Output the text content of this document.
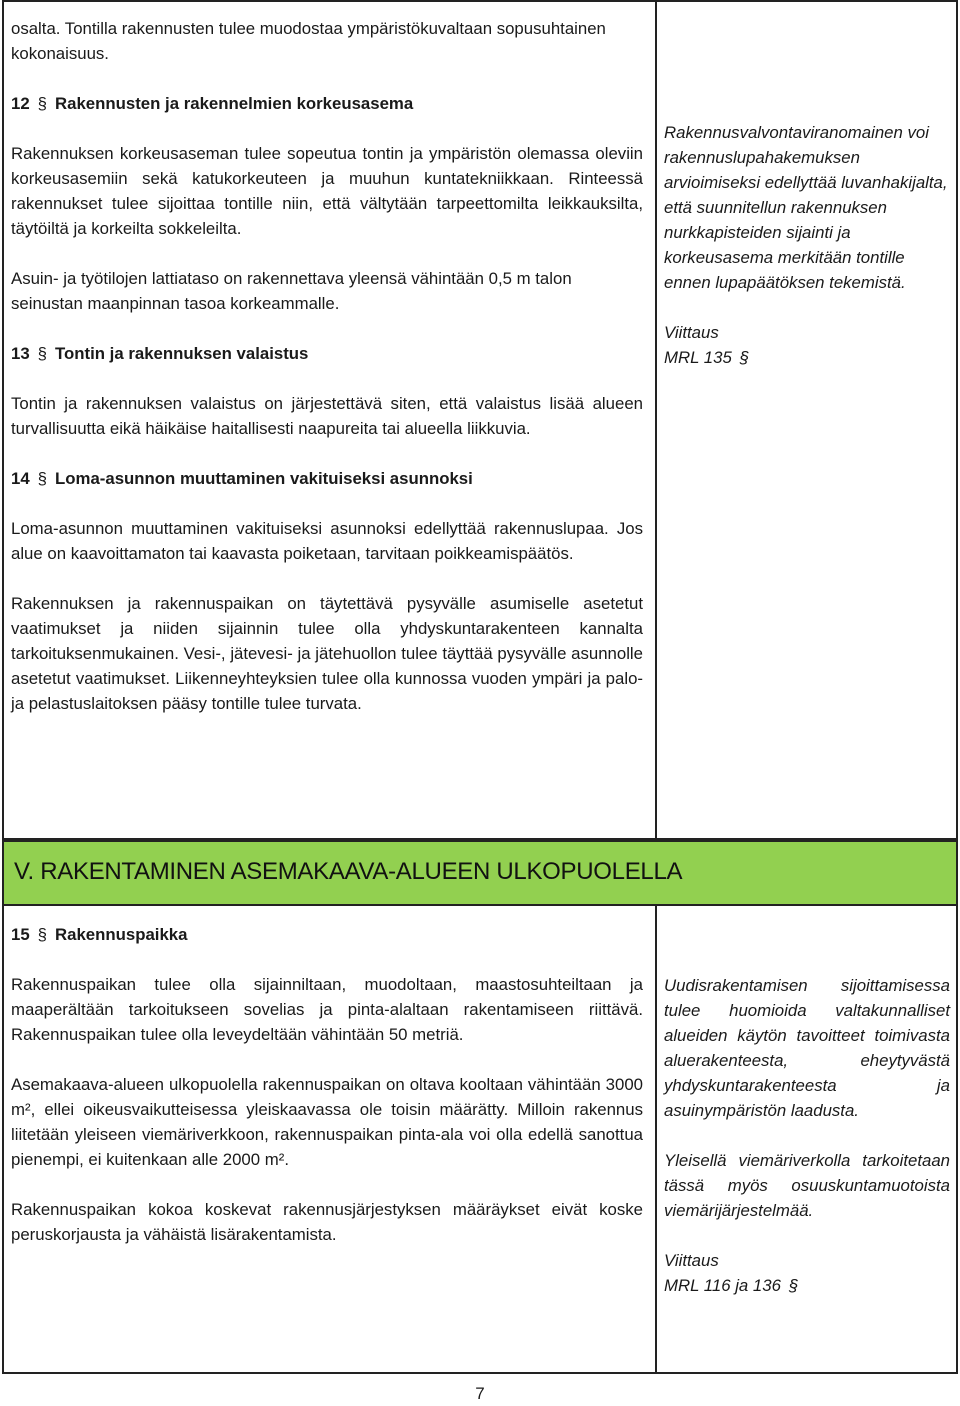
osalta. Tontilla rakennusten tulee muodostaa ympäristökuvaltaan sopusuhtainen kokonaisuus.

12 § Rakennusten ja rakennelmien korkeusasema

Rakennuksen korkeusaseman tulee sopeutua tontin ja ympäristön olemassa oleviin korkeusasemiin sekä katukorkeuteen ja muuhun kuntatekniikkaan. Rinteessä rakennukset tulee sijoittaa tontille niin, että vältytään tarpeettomilta leikkauksilta, täytöiltä ja korkeilta sokkeleilta.

Asuin- ja työtilojen lattiataso on rakennettava yleensä vähintään 0,5 m talon seinustan maanpinnan tasoa korkeammalle.

13 § Tontin ja rakennuksen valaistus

Tontin ja rakennuksen valaistus on järjestettävä siten, että valaistus lisää alueen turvallisuutta eikä häikäise haitallisesti naapureita tai alueella liikkuvia.

14 § Loma-asunnon muuttaminen vakituiseksi asunnoksi

Loma-asunnon muuttaminen vakituiseksi asunnoksi edellyttää rakennuslupaa. Jos alue on kaavoittamaton tai kaavasta poiketaan, tarvitaan poikkeamispäätös.

Rakennuksen ja rakennuspaikan on täytettävä pysyvälle asumiselle asetetut vaatimukset ja niiden sijainnin tulee olla yhdyskuntarakenteen kannalta tarkoituksenmukainen. Vesi-, jätevesi- ja jätehuollon tulee täyttää pysyvälle asunnolle asetetut vaatimukset. Liikenneyhteyksien tulee olla kunnossa vuoden ympäri ja palo- ja pelastuslaitoksen pääsy tontille tulee turvata.

Rakennusvalvontaviranomainen voi rakennuslupahakemuksen arvioimiseksi edellyttää luvanhakijalta, että suunnitellun rakennuksen nurkkapisteiden sijainti ja korkeusasema merkitään tontille ennen lupapäätöksen tekemistä.

Viittaus
MRL 135 §
V. RAKENTAMINEN ASEMAKAAVA-ALUEEN ULKOPUOLELLA

15 § Rakennuspaikka

Rakennuspaikan tulee olla sijainniltaan, muodoltaan, maastosuhteiltaan ja maaperältään tarkoitukseen sovelias ja pinta-alaltaan rakentamiseen riittävä. Rakennuspaikan tulee olla leveydeltään vähintään 50 metriä.

Asemakaava-alueen ulkopuolella rakennuspaikan on oltava kooltaan vähintään 3000 m², ellei oikeusvaikutteisessa yleiskaavassa ole toisin määrätty. Milloin rakennus liitetään yleiseen viemäriverkkoon, rakennuspaikan pinta-ala voi olla edellä sanottua pienempi, ei kuitenkaan alle 2000 m².

Rakennuspaikan kokoa koskevat rakennusjärjestyksen määräykset eivät koske peruskorjausta ja vähäistä lisärakentamista.

Uudisrakentamisen sijoittamisessa tulee huomioida valtakunnalliset alueiden käytön tavoitteet toimivasta aluerakenteesta, eheytyvästä yhdyskuntarakenteesta ja asuinympäristön laadusta.

Yleisellä viemäriverkolla tarkoitetaan tässä myös osuuskuntamuotoista viemärijärjestelmää.

Viittaus
MRL 116 ja 136 §
7
